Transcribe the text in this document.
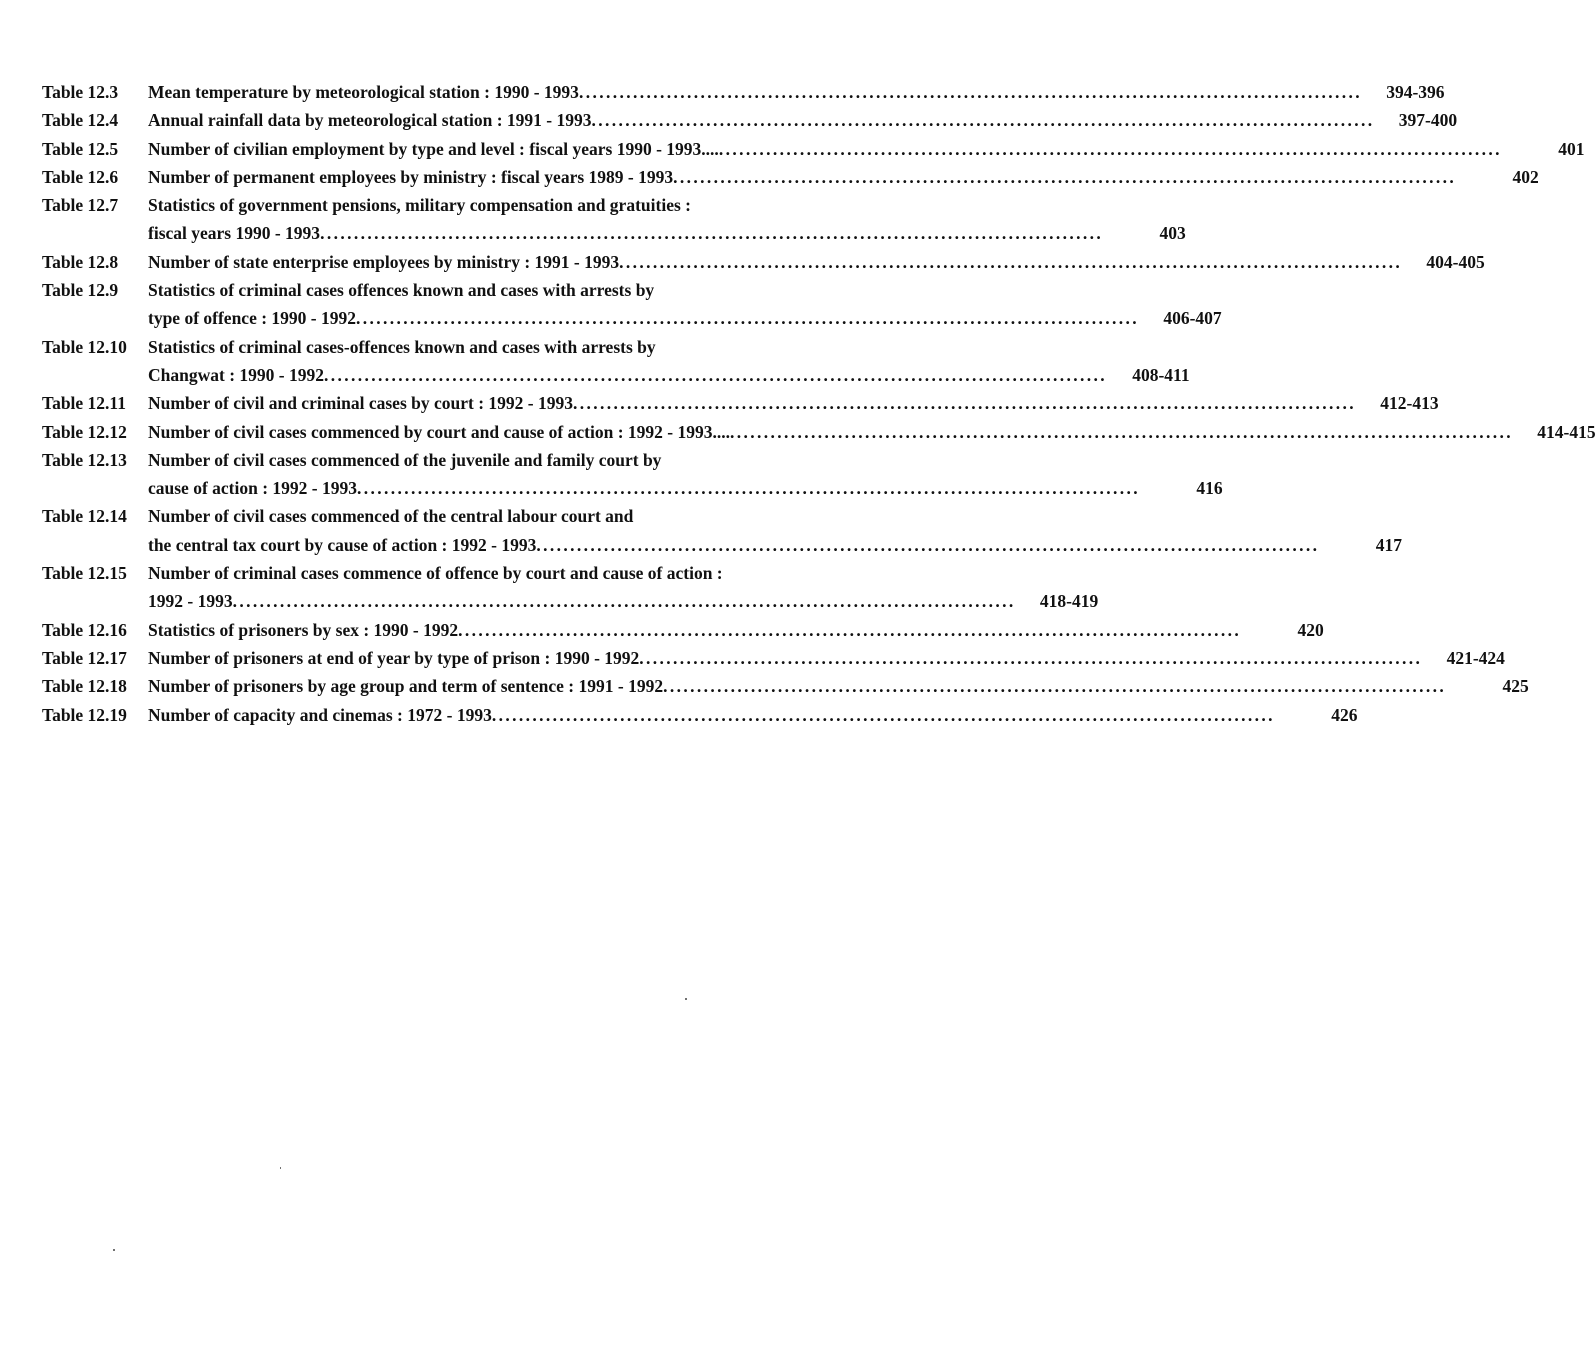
Table 12.3	Mean temperature by meteorological station : 1990 - 1993 . . .	394-396
Table 12.4	Annual rainfall data by meteorological station : 1991 - 1993 . . .	397-400
Table 12.5	Number of civilian employment by type and level : fiscal years 1990 - 1993.... . . .	401
Table 12.6	Number of permanent employees by ministry : fiscal years 1989 - 1993 . . .	402
Table 12.7	Statistics of government pensions, military compensation and gratuities :
fiscal years 1990 - 1993 . . .	403
Table 12.8	Number of state enterprise employees by ministry : 1991 - 1993 . . .	404-405
Table 12.9	Statistics of criminal cases offences known and cases with arrests by
type of offence : 1990 - 1992 . . .	406-407
Table 12.10	Statistics of criminal cases-offences known and cases with arrests by
Changwat : 1990 - 1992 . . .	408-411
Table 12.11	Number of civil and criminal cases by court : 1992 - 1993 . . .	412-413
Table 12.12	Number of civil cases commenced by court and cause of action : 1992 - 1993.... . . .	414-415
Table 12.13	Number of civil cases commenced of the juvenile and family court by
cause of action : 1992 - 1993 . . .	416
Table 12.14	Number of civil cases commenced of the central labour court and
the central tax court by cause of action : 1992 - 1993 . . .	417
Table 12.15	Number of criminal cases commence of offence by court and cause of action :
1992 - 1993 . . .	418-419
Table 12.16	Statistics of prisoners by sex : 1990 - 1992 . . .	420
Table 12.17	Number of prisoners at end of year by type of prison : 1990 - 1992 . . .	421-424
Table 12.18	Number of prisoners by age group and term of sentence : 1991 - 1992 . . .	425
Table 12.19	Number of capacity and cinemas : 1972 - 1993 . . .	426
